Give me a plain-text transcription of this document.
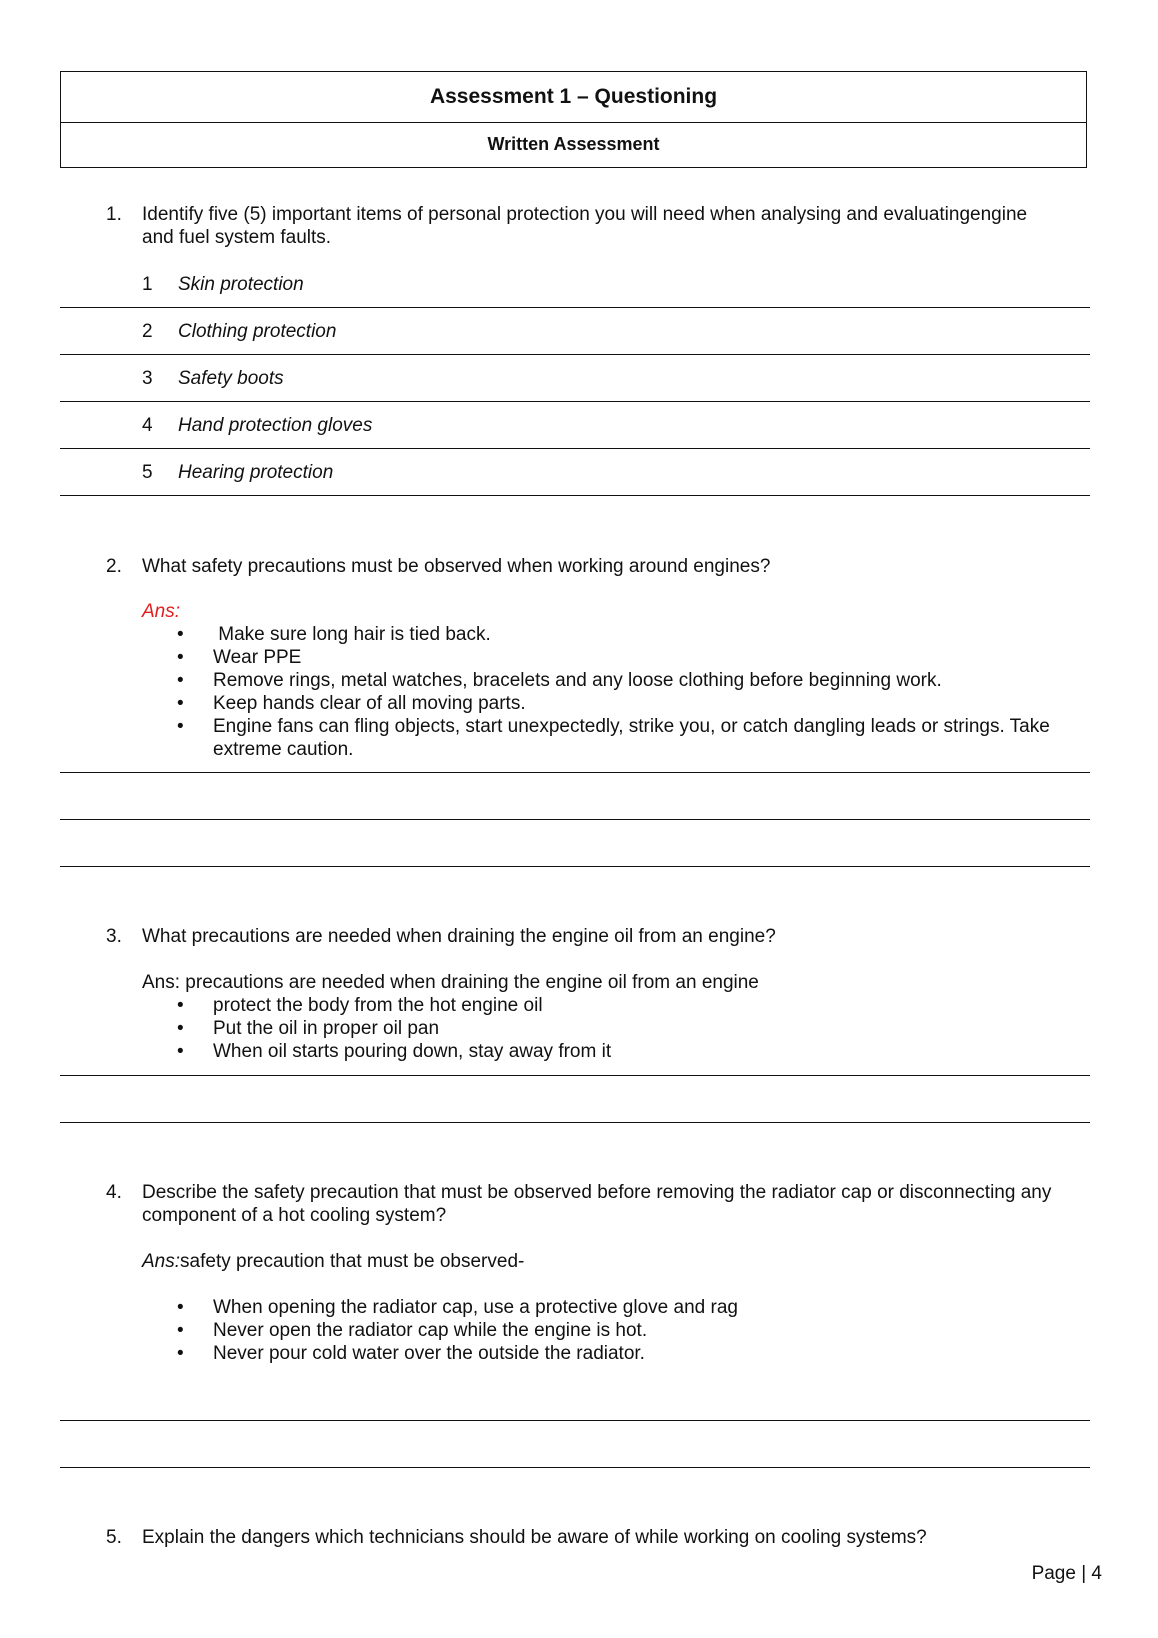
Assessment 1 – Questioning
Written Assessment
1.	Identify five (5) important items of personal protection you will need when analysing and evaluatingengine and fuel system faults.
1	Skin protection
2	Clothing protection
3	Safety boots
4	Hand protection gloves
5	Hearing protection
2.	What safety precautions must be observed when working around engines?
Ans:
•  Make sure long hair is tied back.
• Wear PPE
• Remove rings, metal watches, bracelets and any loose clothing before beginning work.
• Keep hands clear of all moving parts.
• Engine fans can fling objects, start unexpectedly, strike you, or catch dangling leads or strings. Take extreme caution.
3.	What precautions are needed when draining the engine oil from an engine?
Ans: precautions are needed when draining the engine oil from an engine
• protect the body from the hot engine oil
• Put the oil in proper oil pan
• When oil starts pouring down, stay away from it
4.	Describe the safety precaution that must be observed before removing the radiator cap or disconnecting any component of a hot cooling system?
Ans:safety precaution that must be observed-
• When opening the radiator cap, use a protective glove and rag
• Never open the radiator cap while the engine is hot.
• Never pour cold water over the outside the radiator.
5.	Explain the dangers which technicians should be aware of while working on cooling systems?
Page | 4
